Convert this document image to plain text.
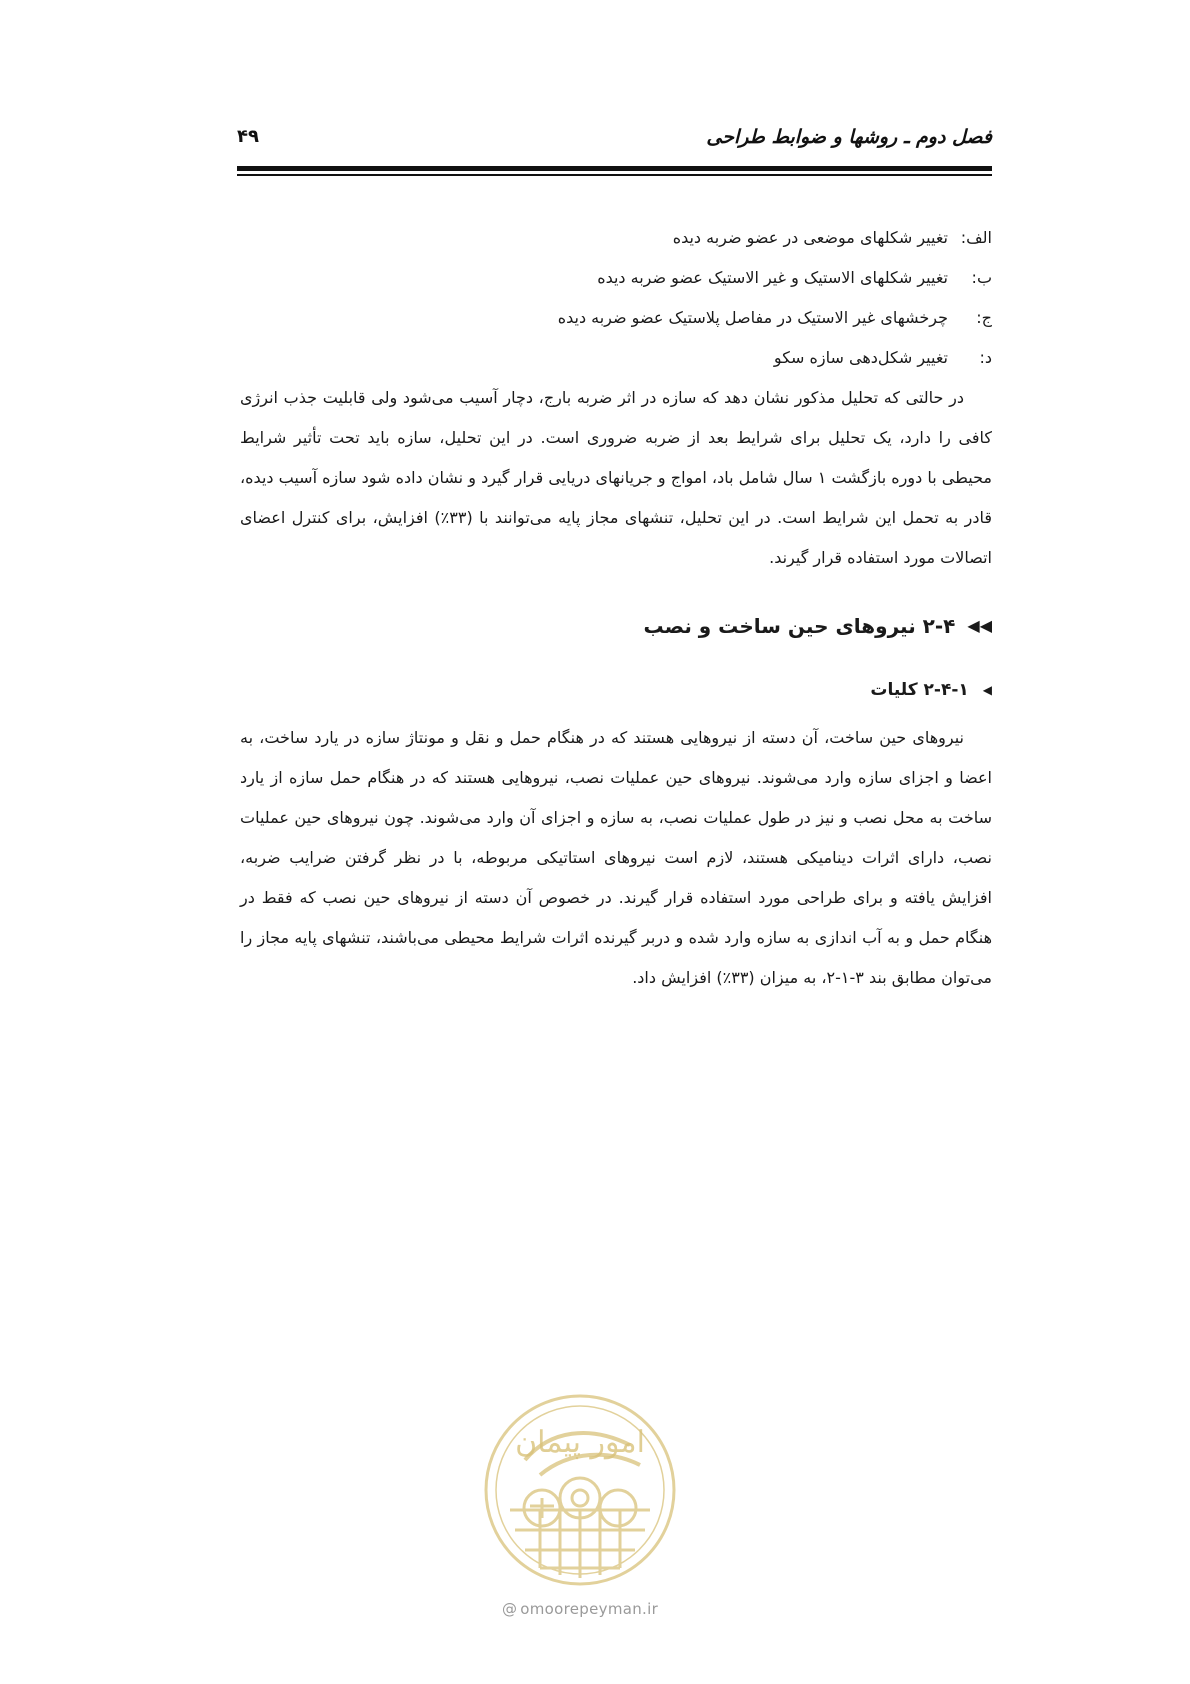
فصل دوم ـ روشها و ضوابط طراحی
۴۹
الف:
تغییر شکلهای موضعی در عضو ضربه دیده
ب:
تغییر شکلهای الاستیک و غیر الاستیک عضو ضربه دیده
ج:
چرخشهای غیر الاستیک در مفاصل پلاستیک عضو ضربه دیده
د:
تغییر شکل‌دهی سازه سکو

در حالتی که تحلیل مذکور نشان دهد که سازه در اثر ضربه بارج، دچار آسیب می‌شود ولی قابلیت جذب انرژی کافی را دارد، یک تحلیل برای شرایط بعد از ضربه ضروری است. در این تحلیل، سازه باید تحت تأثیر شرایط محیطی با دوره بازگشت ۱ سال شامل باد، امواج و جریانهای دریایی قرار گیرد و نشان داده شود سازه آسیب دیده، قادر به تحمل این شرایط است. در این تحلیل، تنشهای مجاز پایه می‌توانند با (۳۳٪) افزایش، برای کنترل اعضای اتصالات مورد استفاده قرار گیرند.

◀◀
۲-۴

نیروهای حین ساخت و نصب
◀
۲-۴-۱

کلیات

نیروهای حین ساخت، آن دسته از نیروهایی هستند که در هنگام حمل و نقل و مونتاژ سازه در یارد ساخت، به اعضا و اجزای سازه وارد می‌شوند. نیروهای حین عملیات نصب، نیروهایی هستند که در هنگام حمل سازه از یارد ساخت به محل نصب و نیز در طول عملیات نصب، به سازه و اجزای آن وارد می‌شوند. چون نیروهای حین عملیات نصب، دارای اثرات دینامیکی هستند، لازم است نیروهای استاتیکی مربوطه، با در نظر گرفتن ضرایب ضربه، افزایش یافته و برای طراحی مورد استفاده قرار گیرند. در خصوص آن دسته از نیروهای حین نصب که فقط در هنگام حمل و به آب اندازی به سازه وارد شده و دربر گیرنده اثرات شرایط محیطی می‌باشند، تنشهای پایه مجاز را می‌توان مطابق بند ۳-۱-۲، به میزان (۳۳٪) افزایش داد.

امور پیمان
@ omoorepeyman.ir
